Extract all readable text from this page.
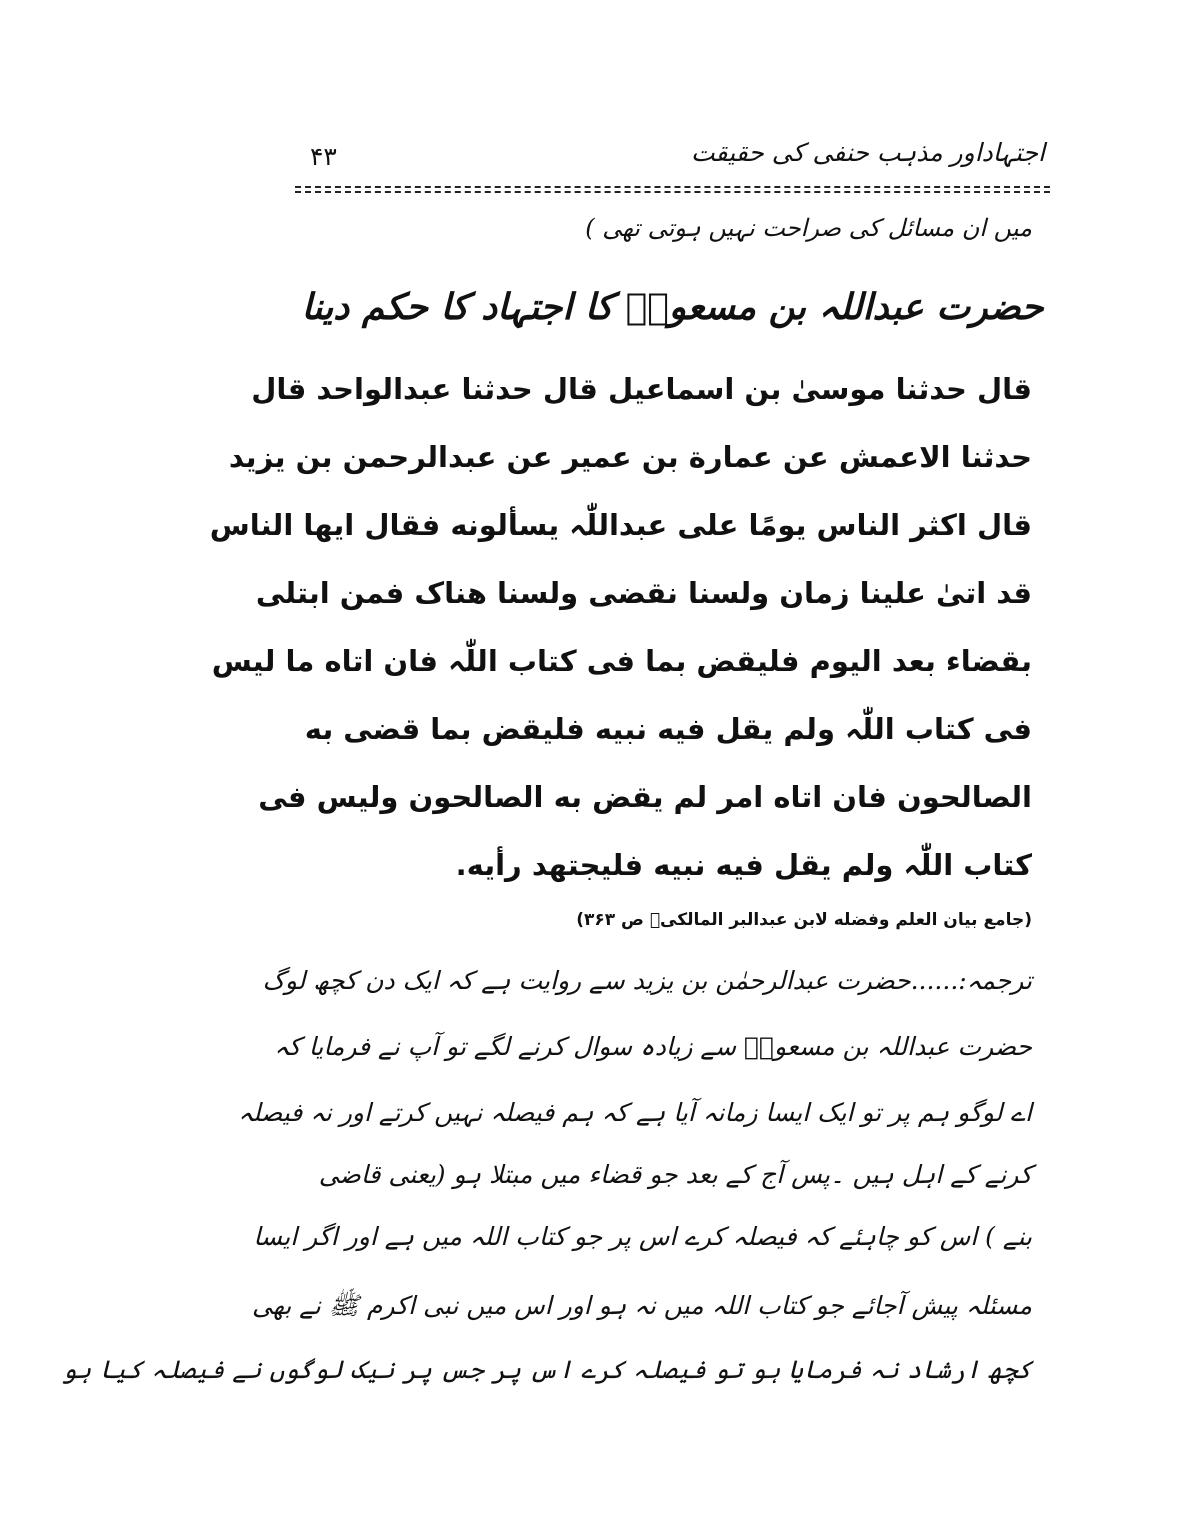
۴۳	اجتہاداور مذہب حنفی کی حقیقت
میں ان مسائل کی صراحت نہیں ہوتی تھی )
حضرت عبداللہ بن مسعودؓ کا اجتہاد کا حکم دینا
قال حدثنا موسیٰ بن اسماعیل قال حدثنا عبدالواحد قال
حدثنا الاعمش عن عمارة بن عمیر عن عبدالرحمن بن یزید
قال اکثر الناس یومًا علی عبداللّٰہ یسألونه فقال ایها الناس
قد اتیٰ علینا زمان ولسنا نقضی ولسنا هناک فمن ابتلی
بقضاء بعد الیوم فلیقض بما فی کتاب اللّٰہ فان اتاه ما لیس
فی کتاب اللّٰہ ولم یقل فیه نبیه فلیقض بما قضی به
الصالحون فان اتاه امر لم یقض به الصالحون ولیس فی
کتاب اللّٰہ ولم یقل فیه نبیه فلیجتهد رأیه.
(جامع بیان العلم وفضله لابن عبدالبر المالکیؒ ص ۳۶۳)
ترجمہ:......حضرت عبدالرحمٰن بن یزید سے روایت ہے کہ ایک دن کچھ لوگ
حضرت عبداللہ بن مسعودؓ سے زیادہ سوال کرنے لگے تو آپ نے فرمایا کہ
اے لوگو ہم پر تو ایک ایسا زمانہ آیا ہے کہ ہم فیصلہ نہیں کرتے اور نہ فیصلہ
کرنے کے اہل ہیں ۔پس آج کے بعد جو قضاء میں مبتلا ہو (یعنی قاضی
بنے ) اس کو چاہئے کہ فیصلہ کرے اس پر جو کتاب اللہ میں ہے اور اگر ایسا
مسئلہ پیش آجائے جو کتاب اللہ میں نہ ہو اور اس میں نبی اکرم ﷺ نے بھی
کچھ ارشاد نہ فرمایا ہو تو فیصلہ کرے اس پر جس پر نیک لوگوں نے فیصلہ کیا ہو
